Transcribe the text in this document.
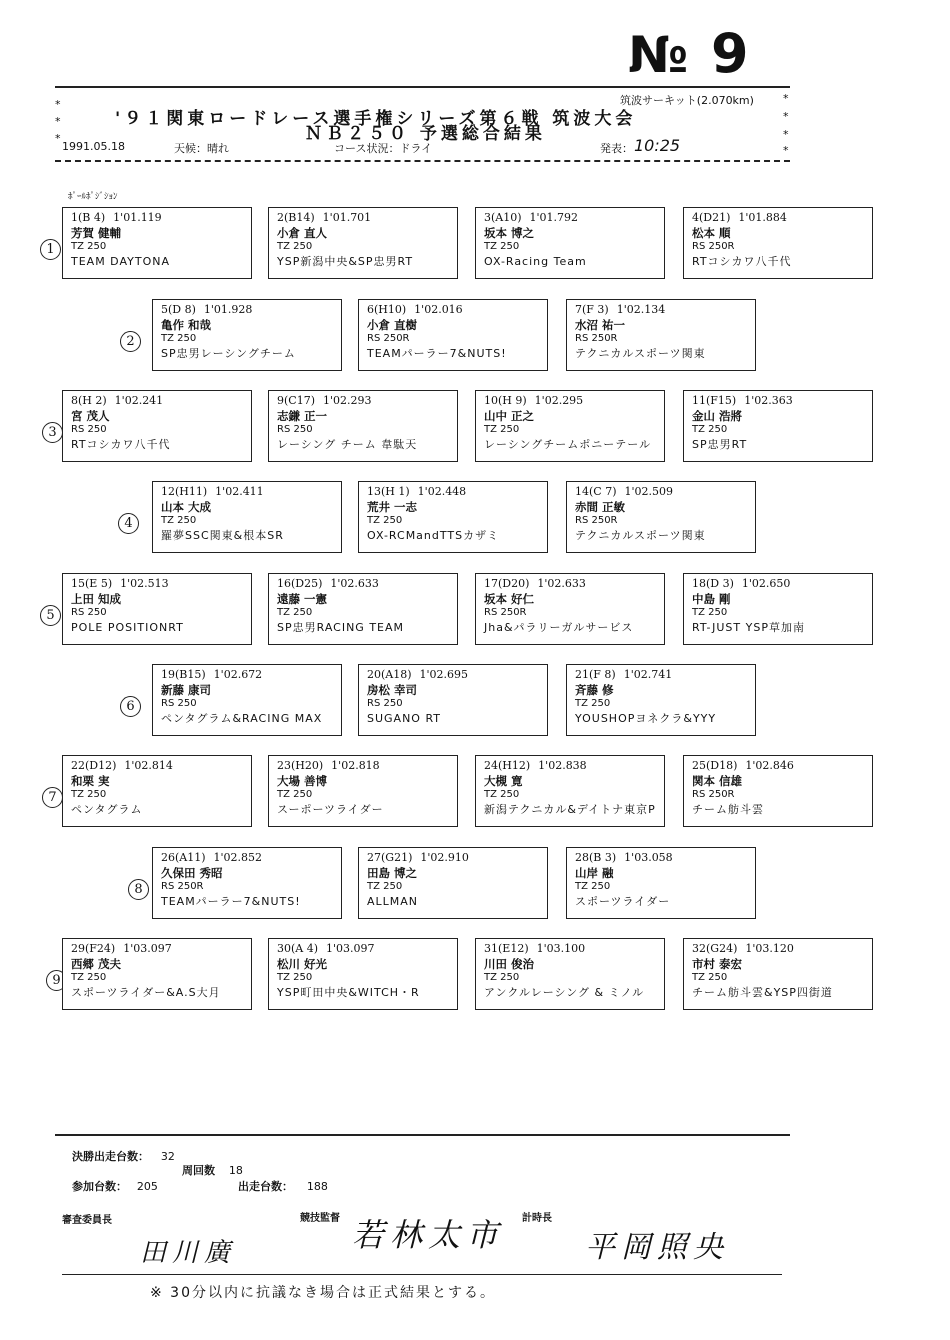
№ 9
*
*
*
*
*
*
*
筑波サーキット(2.070km)
'９１関東ロードレース選手権シリーズ第６戦 筑波大会
ＮＢ２５０ 予選総合結果
1991.05.18	天候：晴れ	コース状況：ドライ	発表： 10:25
ﾎﾟｰﾙﾎﾟｼﾞｼｮﾝ
1
1(B 4) 1'01.119
芳賀 健輔
TZ 250
TEAM DAYTONA
2(B14) 1'01.701
小倉 直人
TZ 250
YSP新潟中央&SP忠男RT
3(A10) 1'01.792
坂本 博之
TZ 250
OX-Racing Team
4(D21) 1'01.884
松本 順
RS 250R
RTコシカワ八千代
2
5(D 8) 1'01.928
亀作 和哉
TZ 250
SP忠男レーシングチーム
6(H10) 1'02.016
小倉 直樹
RS 250R
TEAMパーラー7&NUTS!
7(F 3) 1'02.134
水沼 祐一
RS 250R
テクニカルスポーツ関東
3
8(H 2) 1'02.241
宮 茂人
RS 250
RTコシカワ八千代
9(C17) 1'02.293
志鎌 正一
RS 250
レーシング チーム 韋駄天
10(H 9) 1'02.295
山中 正之
TZ 250
レーシングチームポニーテール
11(F15) 1'02.363
金山 浩將
TZ 250
SP忠男RT
4
12(H11) 1'02.411
山本 大成
TZ 250
羅夢SSC関東&根本SR
13(H 1) 1'02.448
荒井 一志
TZ 250
OX-RCMandTTSカザミ
14(C 7) 1'02.509
赤間 正敏
RS 250R
テクニカルスポーツ関東
5
15(E 5) 1'02.513
上田 知成
RS 250
POLE POSITIONRT
16(D25) 1'02.633
遠藤 一憲
TZ 250
SP忠男RACING TEAM
17(D20) 1'02.633
坂本 好仁
RS 250R
Jha&パラリーガルサービス
18(D 3) 1'02.650
中島 剛
TZ 250
RT-JUST YSP草加南
6
19(B15) 1'02.672
新藤 康司
RS 250
ペンタグラム&RACING MAX
20(A18) 1'02.695
房松 幸司
RS 250
SUGANO RT
21(F 8) 1'02.741
斉藤 修
TZ 250
YOUSHOPヨネクラ&YYY
7
22(D12) 1'02.814
和栗 実
TZ 250
ペンタグラム
23(H20) 1'02.818
大場 善博
TZ 250
スーポーツライダー
24(H12) 1'02.838
大槻 寛
TZ 250
新潟テクニカル&デイトナ東京P
25(D18) 1'02.846
関本 信雄
RS 250R
チーム舫斗雲
8
26(A11) 1'02.852
久保田 秀昭
RS 250R
TEAMパーラー7&NUTS!
27(G21) 1'02.910
田島 博之
TZ 250
ALLMAN
28(B 3) 1'03.058
山岸 融
TZ 250
スポーツライダー
9
29(F24) 1'03.097
西郷 茂夫
TZ 250
スポーツライダー&A.S大月
30(A 4) 1'03.097
松川 好光
TZ 250
YSP町田中央&WITCH・R
31(E12) 1'03.100
川田 俊治
TZ 250
アンクルレーシング & ミノル
32(G24) 1'03.120
市村 泰宏
TZ 250
チーム舫斗雲&YSP四街道
決勝出走台数： 32
周回数 18
参加台数： 205	出走台数： 188
審査委員長	競技監督	計時長
田川廣	若林太市	平岡照央
※ 30分以内に抗議なき場合は正式結果とする。
